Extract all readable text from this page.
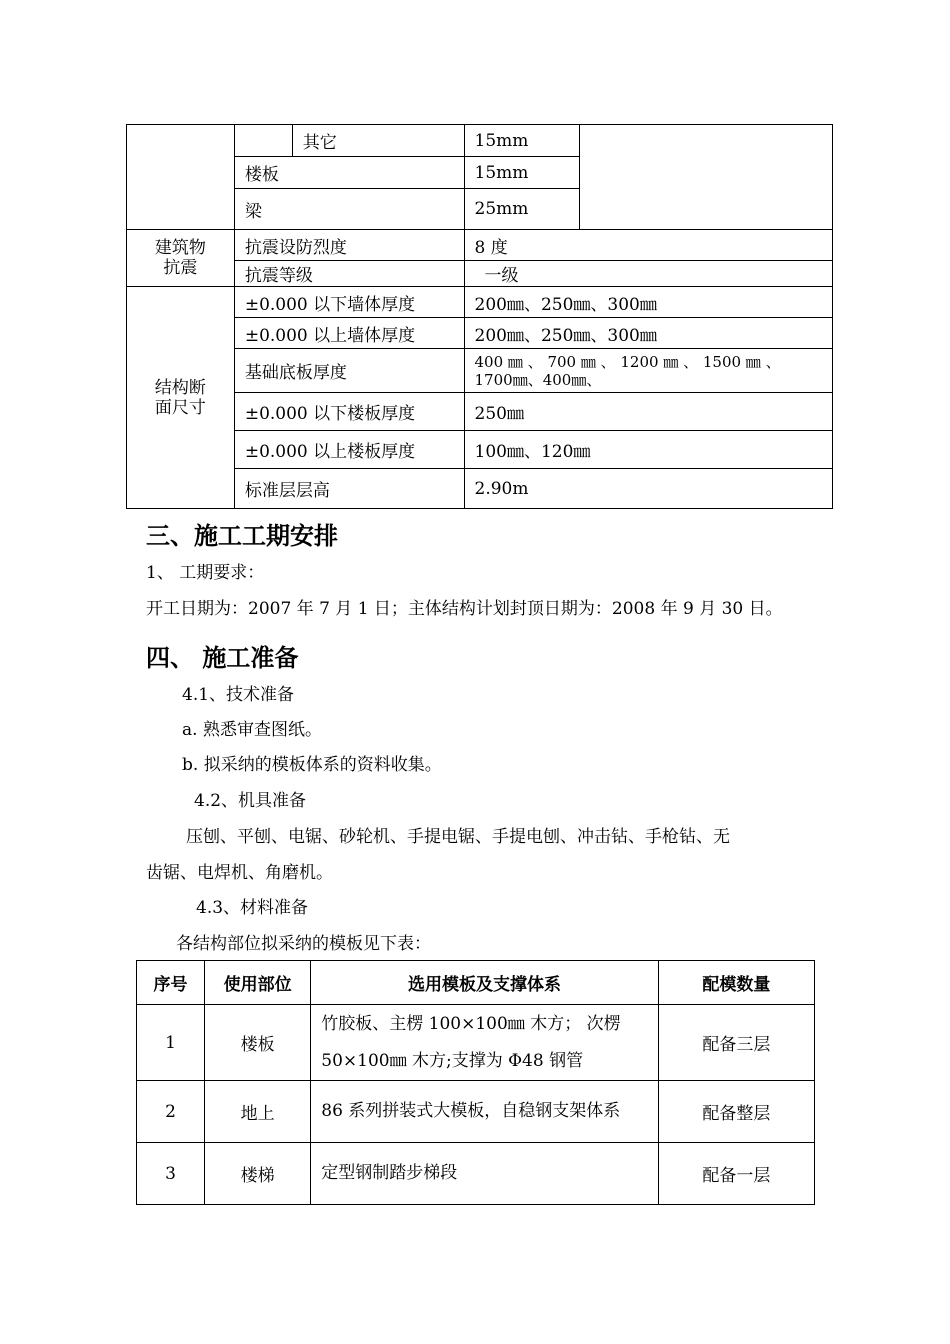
		其它	15mm	
	楼板		15mm	
	梁		25mm	
建筑物
抗震	抗震设防烈度		8 度	
	抗震等级		一级	
结构断
面尺寸	±0.000 以下墙体厚度		200㎜、250㎜、300㎜	
	±0.000 以上墙体厚度		200㎜、250㎜、300㎜	
	基础底板厚度		400 ㎜ 、 700 ㎜ 、 1200 ㎜ 、 1500 ㎜ 、 1700㎜、400㎜、	
	±0.000 以下楼板厚度		250㎜	
	±0.000 以上楼板厚度		100㎜、120㎜	
	标准层层高		2.90m	
三、施工工期安排
1、 工期要求：
开工日期为：2007 年 7 月 1 日；主体结构计划封顶日期为：2008 年 9 月 30 日。
四、 施工准备
4.1、技术准备
a. 熟悉审查图纸。
b. 拟采纳的模板体系的资料收集。
4.2、机具准备
压刨、平刨、电锯、砂轮机、手提电锯、手提电刨、冲击钻、手枪钻、无
齿锯、电焊机、角磨机。
4.3、材料准备
各结构部位拟采纳的模板见下表：
序号	使用部位	选用模板及支撑体系	配模数量
1	楼板	竹胶板、主楞 100×100㎜ 木方； 次楞
50×100㎜ 木方;支撑为 Φ48 钢管	配备三层
2	地上	86 系列拼装式大模板，自稳钢支架体系	配备整层
3	楼梯	定型钢制踏步梯段	配备一层
